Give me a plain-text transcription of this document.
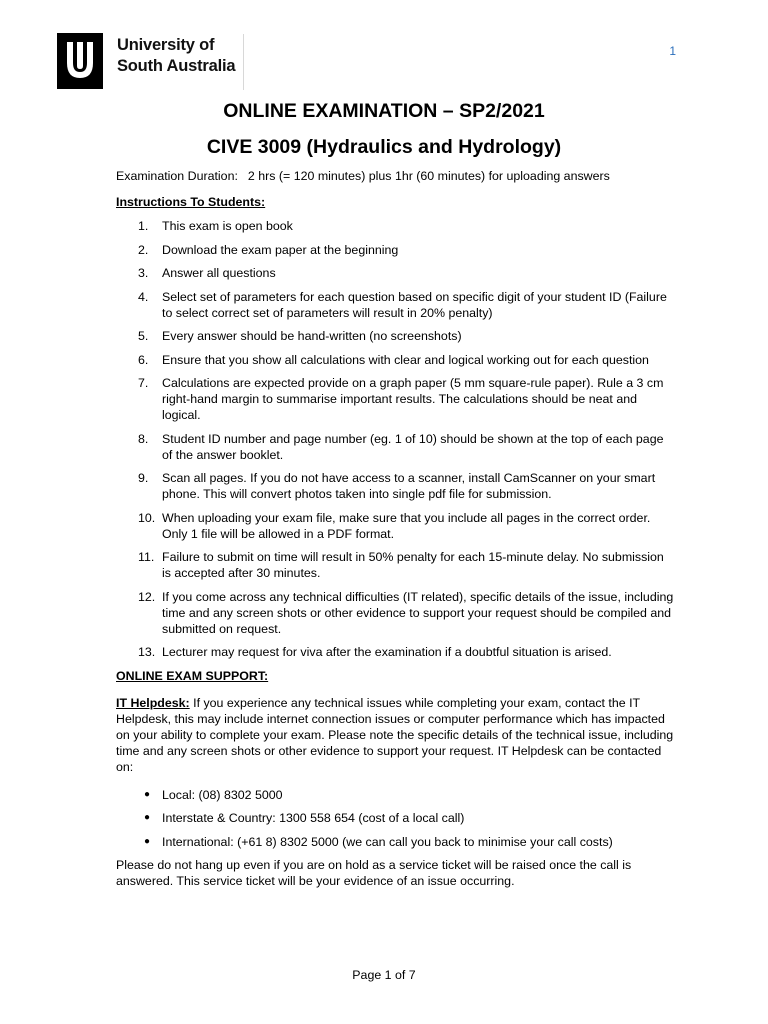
University of
South Australia
1
ONLINE EXAMINATION – SP2/2021
CIVE 3009 (Hydraulics and Hydrology)

Examination Duration: 2 hrs (= 120 minutes) plus 1hr (60 minutes) for uploading answers

Instructions To Students:

1. This exam is open book
2. Download the exam paper at the beginning
3. Answer all questions
4. Select set of parameters for each question based on specific digit of your student ID (Failure to select correct set of parameters will result in 20% penalty)
5. Every answer should be hand-written (no screenshots)
6. Ensure that you show all calculations with clear and logical working out for each question
7. Calculations are expected provide on a graph paper (5 mm square-rule paper). Rule a 3 cm right-hand margin to summarise important results. The calculations should be neat and logical.
8. Student ID number and page number (eg. 1 of 10) should be shown at the top of each page of the answer booklet.
9. Scan all pages. If you do not have access to a scanner, install CamScanner on your smart phone. This will convert photos taken into single pdf file for submission.
10. When uploading your exam file, make sure that you include all pages in the correct order. Only 1 file will be allowed in a PDF format.
11. Failure to submit on time will result in 50% penalty for each 15-minute delay. No submission is accepted after 30 minutes.
12. If you come across any technical difficulties (IT related), specific details of the issue, including time and any screen shots or other evidence to support your request should be compiled and submitted on request.
13. Lecturer may request for viva after the examination if a doubtful situation is arised.

ONLINE EXAM SUPPORT:

IT Helpdesk: If you experience any technical issues while completing your exam, contact the IT Helpdesk, this may include internet connection issues or computer performance which has impacted on your ability to complete your exam. Please note the specific details of the technical issue, including time and any screen shots or other evidence to support your request. IT Helpdesk can be contacted on:

● Local: (08) 8302 5000
● Interstate & Country: 1300 558 654 (cost of a local call)
● International: (+61 8) 8302 5000 (we can call you back to minimise your call costs)

Please do not hang up even if you are on hold as a service ticket will be raised once the call is answered. This service ticket will be your evidence of an issue occurring.

Page 1 of 7
